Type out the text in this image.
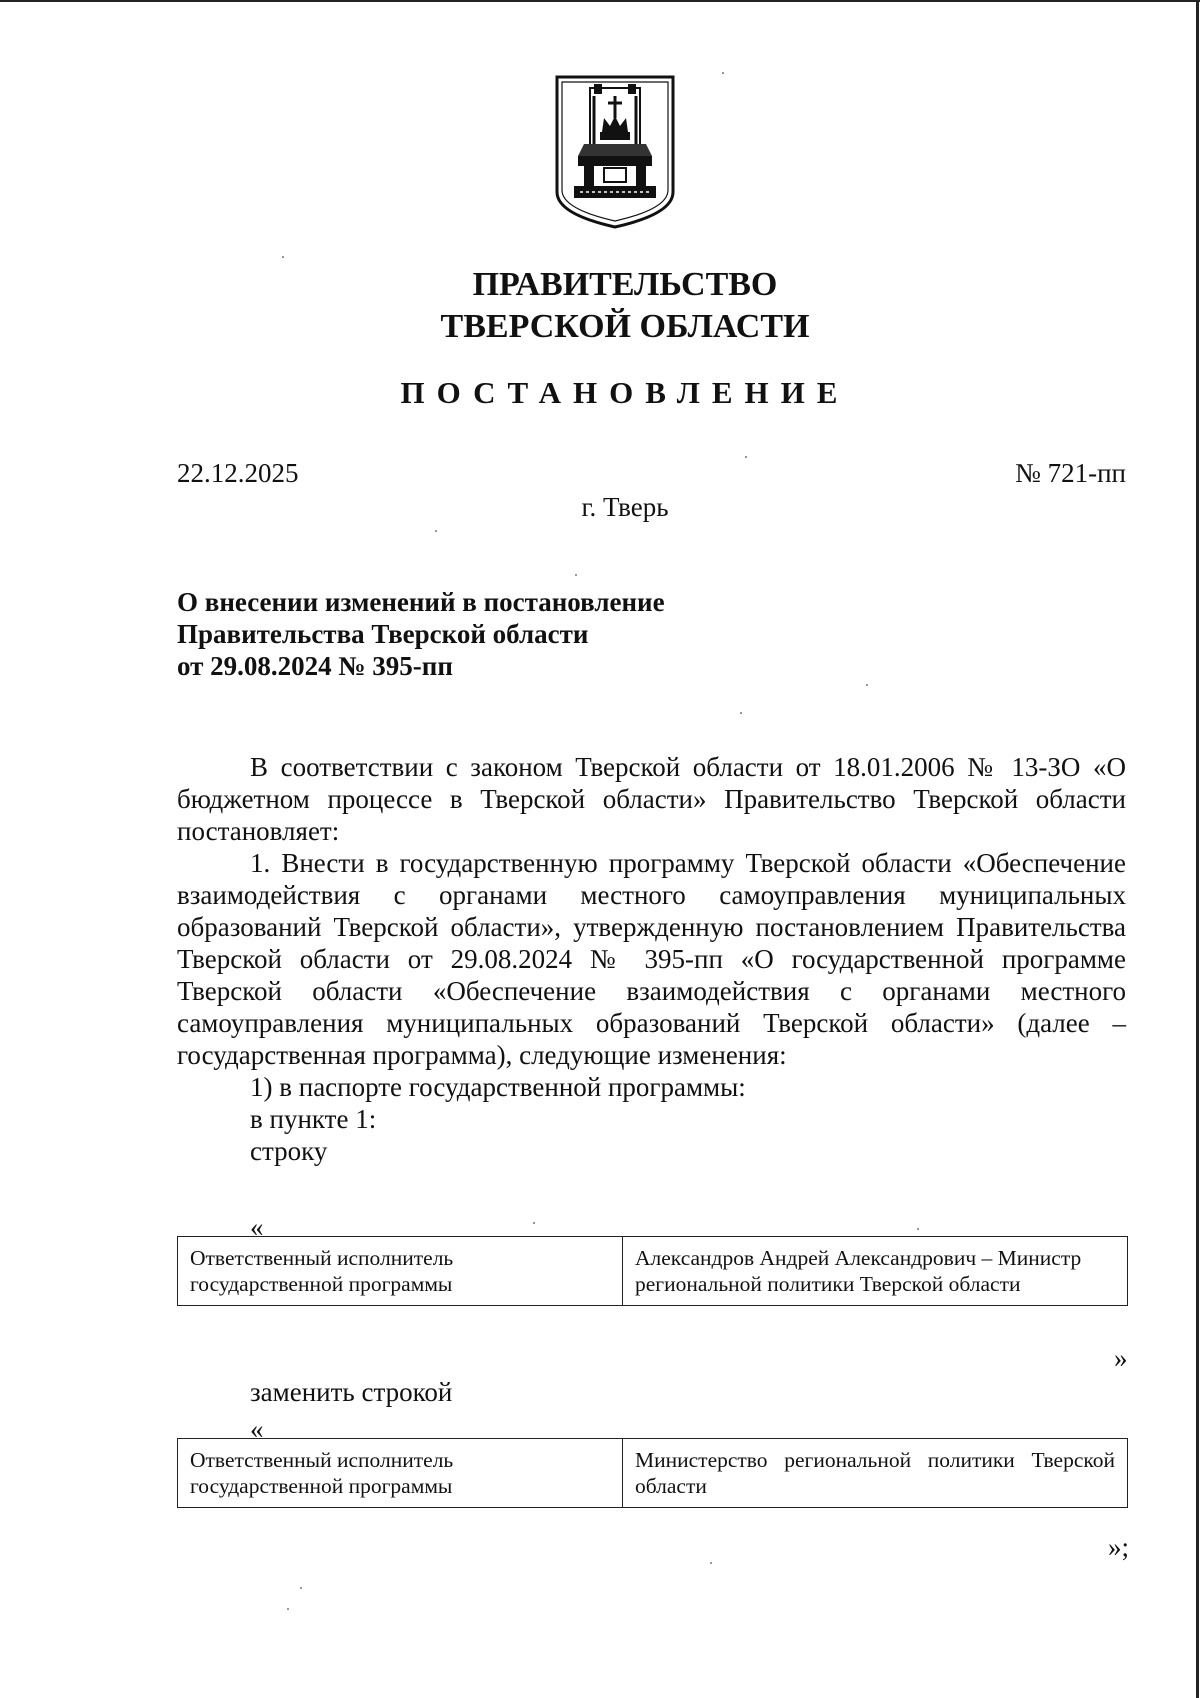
ПРАВИТЕЛЬСТВО
ТВЕРСКОЙ ОБЛАСТИ
ПОСТАНОВЛЕНИЕ
22.12.2025	№ 721-пп
г. Тверь
О внесении изменений в постановление
Правительства Тверской области
от 29.08.2024 № 395-пп

В соответствии с законом Тверской области от 18.01.2006 № 13-ЗО «О бюджетном процессе в Тверской области» Правительство Тверской области постановляет:

1. Внести в государственную программу Тверской области «Обеспечение взаимодействия с органами местного самоуправления муниципальных образований Тверской области», утвержденную постановлением Правительства Тверской области от 29.08.2024 № 395-пп «О государственной программе Тверской области «Обеспечение взаимодействия с органами местного самоуправления муниципальных образований Тверской области» (далее – государственная программа), следующие изменения:

1) в паспорте государственной программы:

в пункте 1:

строку

«
Ответственный исполнитель государственной программы	Александров Андрей Александрович – Министр региональной политики Тверской области
»
заменить строкой
«
Ответственный исполнитель государственной программы	Министерство региональной политики Тверской области
»;
